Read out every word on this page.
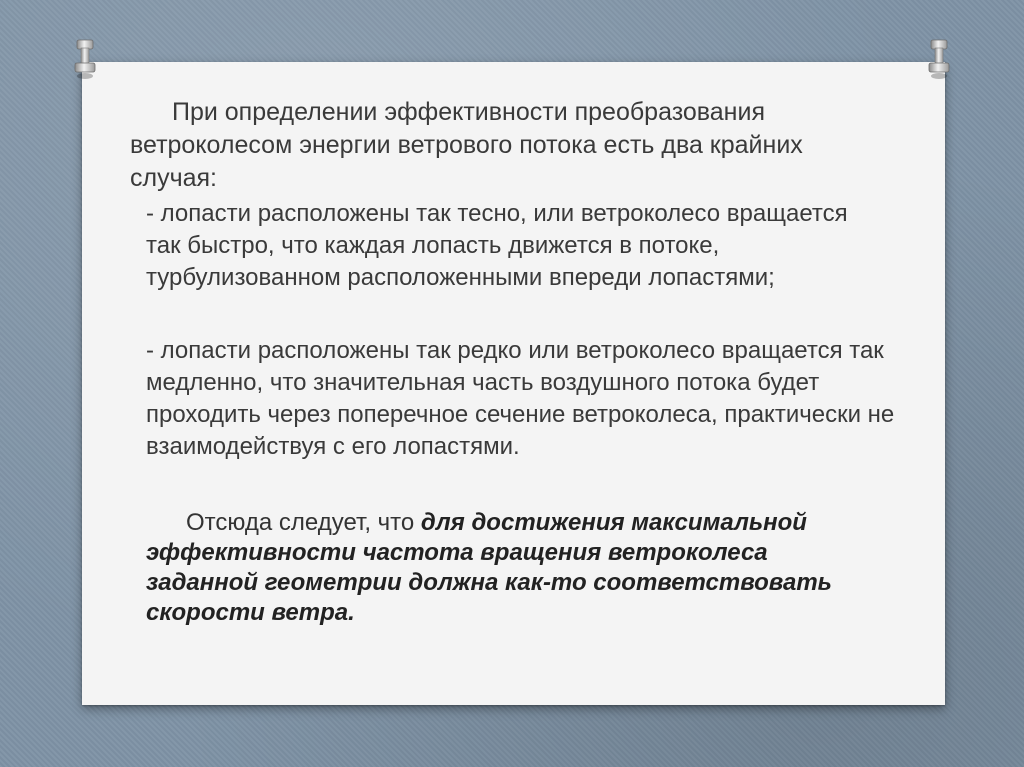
При определении эффективности преобразования ветроколесом энергии ветрового потока есть два крайних случая:

- лопасти расположены так тесно, или ветроколесо вращается так быстро, что каждая лопасть движется в потоке, турбулизованном расположенными впереди лопастями;

- лопасти расположены так редко или ветроколесо вращается так медленно, что значительная часть воздушного потока будет проходить через поперечное сечение ветроколеса, практически не взаимодействуя с его лопастями.

Отсюда следует, что для достижения максимальной эффективности частота вращения ветроколеса заданной геометрии должна как-то соответствовать скорости ветра.
